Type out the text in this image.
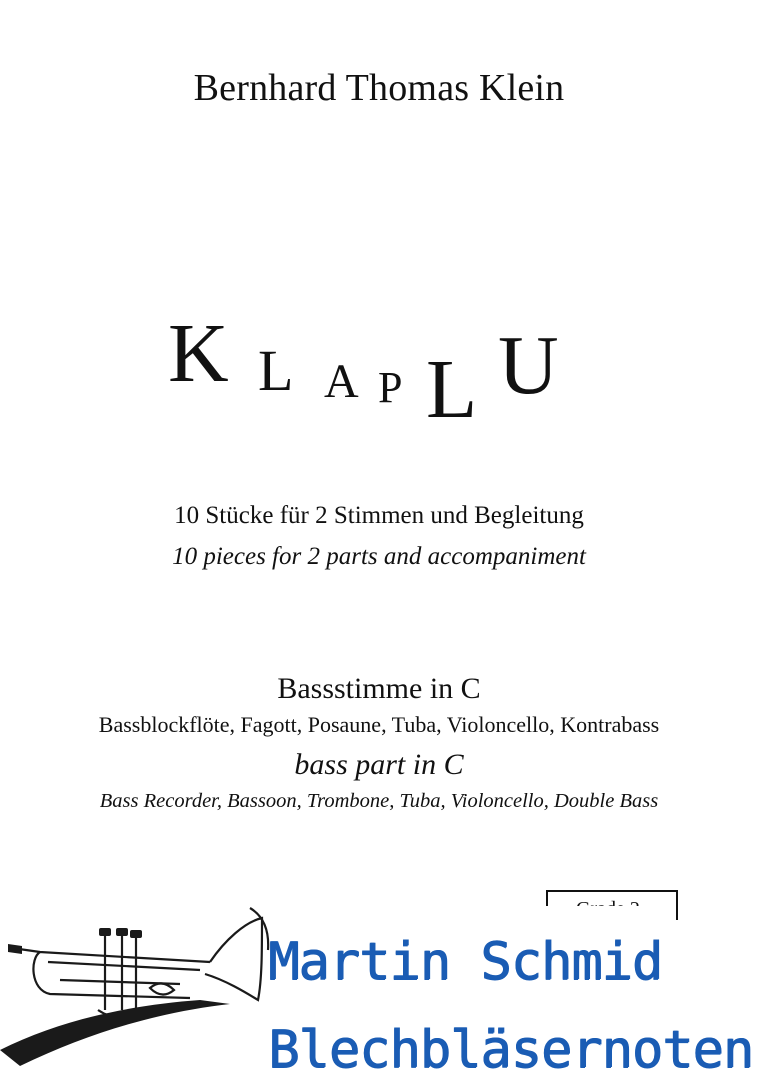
Bernhard Thomas Klein
K L A P L U
10 Stücke für 2 Stimmen und Begleitung
10 pieces for 2 parts and accompaniment
Bassstimme in C
Bassblockflöte, Fagott, Posaune, Tuba, Violoncello, Kontrabass
bass part in C
Bass Recorder, Bassoon, Trombone, Tuba, Violoncello, Double Bass
Martin Schmid
Blechbläsernoten
